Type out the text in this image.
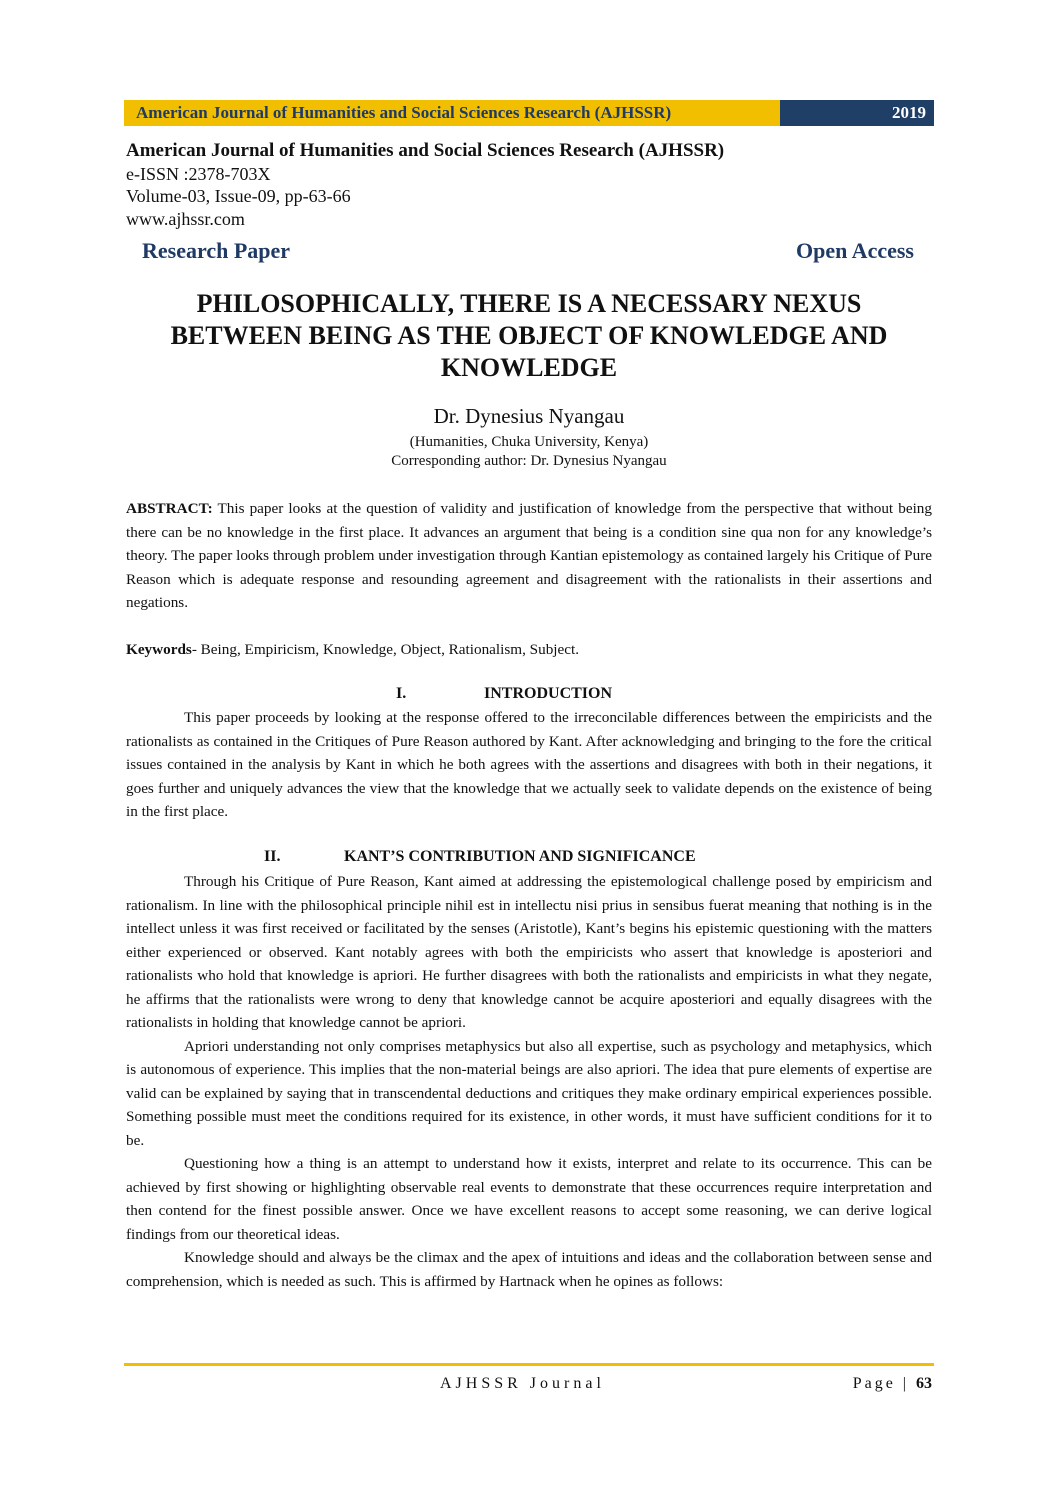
American Journal of Humanities and Social Sciences Research (AJHSSR)	2019
American Journal of Humanities and Social Sciences Research (AJHSSR)
e-ISSN :2378-703X
Volume-03, Issue-09, pp-63-66
www.ajhssr.com
Research Paper	Open Access
PHILOSOPHICALLY, THERE IS A NECESSARY NEXUS
BETWEEN BEING AS THE OBJECT OF KNOWLEDGE AND
KNOWLEDGE
Dr. Dynesius Nyangau
(Humanities, Chuka University, Kenya)
Corresponding author: Dr. Dynesius Nyangau

ABSTRACT: This paper looks at the question of validity and justification of knowledge from the perspective that without being there can be no knowledge in the first place. It advances an argument that being is a condition sine qua non for any knowledge’s theory. The paper looks through problem under investigation through Kantian epistemology as contained largely his Critique of Pure Reason which is adequate response and resounding agreement and disagreement with the rationalists in their assertions and negations.

Keywords- Being, Empiricism, Knowledge, Object, Rationalism, Subject.

I.	INTRODUCTION

This paper proceeds by looking at the response offered to the irreconcilable differences between the empiricists and the rationalists as contained in the Critiques of Pure Reason authored by Kant. After acknowledging and bringing to the fore the critical issues contained in the analysis by Kant in which he both agrees with the assertions and disagrees with both in their negations, it goes further and uniquely advances the view that the knowledge that we actually seek to validate depends on the existence of being in the first place.

II.	KANT’S CONTRIBUTION AND SIGNIFICANCE

Through his Critique of Pure Reason, Kant aimed at addressing the epistemological challenge posed by empiricism and rationalism. In line with the philosophical principle nihil est in intellectu nisi prius in sensibus fuerat meaning that nothing is in the intellect unless it was first received or facilitated by the senses (Aristotle), Kant’s begins his epistemic questioning with the matters either experienced or observed. Kant notably agrees with both the empiricists who assert that knowledge is aposteriori and rationalists who hold that knowledge is apriori. He further disagrees with both the rationalists and empiricists in what they negate, he affirms that the rationalists were wrong to deny that knowledge cannot be acquire aposteriori and equally disagrees with the rationalists in holding that knowledge cannot be apriori.

Apriori understanding not only comprises metaphysics but also all expertise, such as psychology and metaphysics, which is autonomous of experience. This implies that the non-material beings are also apriori. The idea that pure elements of expertise are valid can be explained by saying that in transcendental deductions and critiques they make ordinary empirical experiences possible. Something possible must meet the conditions required for its existence, in other words, it must have sufficient conditions for it to be.

Questioning how a thing is an attempt to understand how it exists, interpret and relate to its occurrence. This can be achieved by first showing or highlighting observable real events to demonstrate that these occurrences require interpretation and then contend for the finest possible answer. Once we have excellent reasons to accept some reasoning, we can derive logical findings from our theoretical ideas.

Knowledge should and always be the climax and the apex of intuitions and ideas and the collaboration between sense and comprehension, which is needed as such. This is affirmed by Hartnack when he opines as follows:

AJHSSR Journal	Page | 63
